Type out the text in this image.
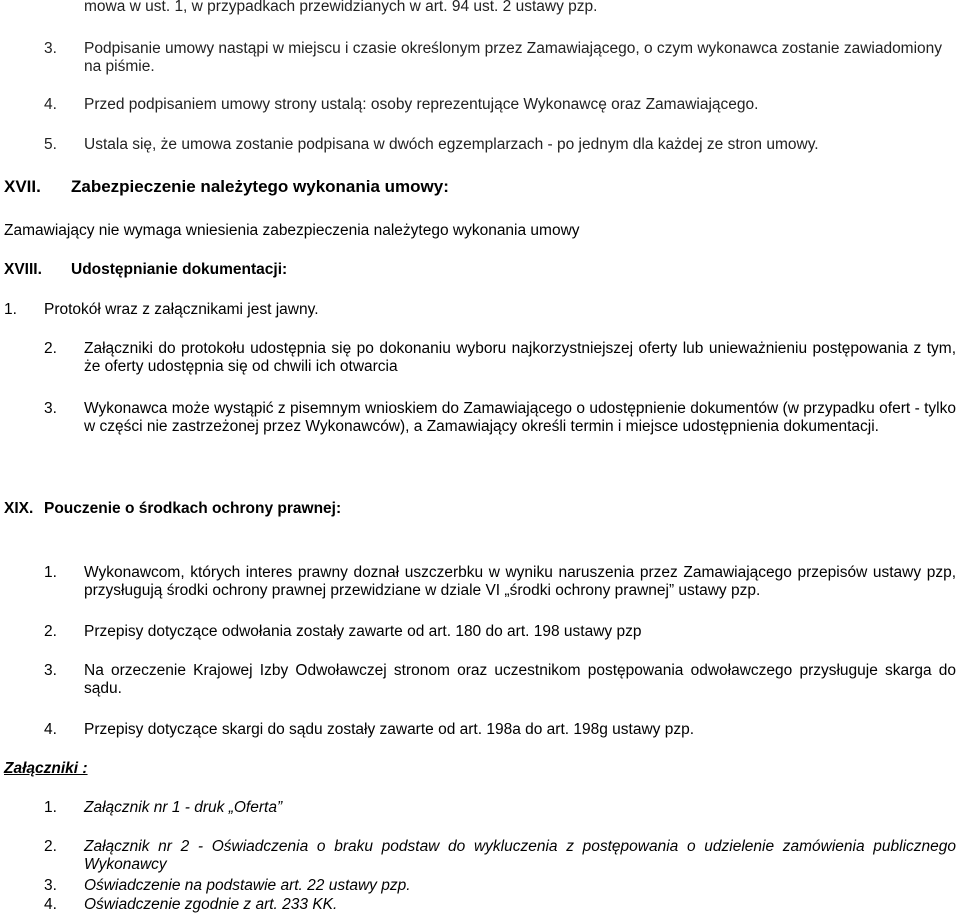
mowa w ust. 1, w przypadkach przewidzianych w art. 94 ust. 2 ustawy pzp.
3. Podpisanie umowy nastąpi w miejscu i czasie określonym przez Zamawiającego, o czym wykonawca zostanie zawiadomiony na piśmie.
4. Przed podpisaniem umowy strony ustalą: osoby reprezentujące Wykonawcę oraz Zamawiającego.
5. Ustala się, że umowa zostanie podpisana w dwóch egzemplarzach - po jednym dla każdej ze stron umowy.
XVII. Zabezpieczenie należytego wykonania umowy:
Zamawiający nie wymaga wniesienia zabezpieczenia należytego wykonania umowy
XVIII. Udostępnianie dokumentacji:
1. Protokół wraz z załącznikami jest jawny.
2. Załączniki do protokołu udostępnia się po dokonaniu wyboru najkorzystniejszej oferty lub unieważnieniu postępowania z tym, że oferty udostępnia się od chwili ich otwarcia
3. Wykonawca może wystąpić z pisemnym wnioskiem do Zamawiającego o udostępnienie dokumentów (w przypadku ofert - tylko w części nie zastrzeżonej przez Wykonawców), a Zamawiający określi termin i miejsce udostępnienia dokumentacji.
XIX. Pouczenie o środkach ochrony prawnej:
1. Wykonawcom, których interes prawny doznał uszczerbku w wyniku naruszenia przez Zamawiającego przepisów ustawy pzp, przysługują środki ochrony prawnej przewidziane w dziale VI „środki ochrony prawnej” ustawy pzp.
2. Przepisy dotyczące odwołania zostały zawarte od art. 180 do art. 198 ustawy pzp
3. Na orzeczenie Krajowej Izby Odwoławczej stronom oraz uczestnikom postępowania odwoławczego przysługuje skarga do sądu.
4. Przepisy dotyczące skargi do sądu zostały zawarte od art. 198a do art. 198g ustawy pzp.
Załączniki :
1. Załącznik nr 1 - druk „Oferta”
2. Załącznik nr 2 - Oświadczenia o braku podstaw do wykluczenia z postępowania o udzielenie zamówienia publicznego Wykonawcy
3. Oświadczenie na podstawie art. 22 ustawy pzp.
4. Oświadczenie zgodnie z art. 233 KK.
